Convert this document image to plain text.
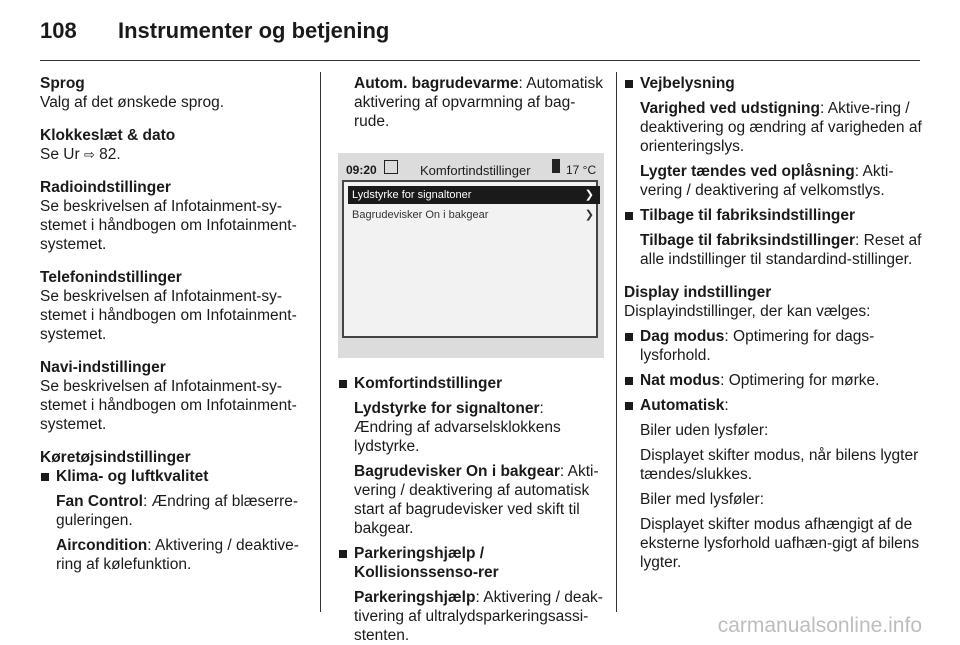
108 Instrumenter og betjening
Sprog
Valg af det ønskede sprog.
Klokkeslæt & dato
Se Ur ⇨ 82.
Radioindstillinger
Se beskrivelsen af Infotainment-sy-stemet i håndbogen om Infotainment-systemet.
Telefonindstillinger
Se beskrivelsen af Infotainment-sy-stemet i håndbogen om Infotainment-systemet.
Navi-indstillinger
Se beskrivelsen af Infotainment-sy-stemet i håndbogen om Infotainment-systemet.
Køretøjsindstillinger
Klima- og luftkvalitet
Fan Control: Ændring af blæserre-guleringen.
Aircondition: Aktivering / deaktive-ring af kølefunktion.
Autom. bagrudevarme: Automatisk aktivering af opvarmning af bag-rude.
09:20	Komfortindstillinger	17 °C
Lydstyrke for signaltoner	❯
Bagrudevisker On i bakgear	❯
Komfortindstillinger
Lydstyrke for signaltoner: Ændring af advarselsklokkens lydstyrke.
Bagrudevisker On i bakgear: Akti-vering / deaktivering af automatisk start af bagrudevisker ved skift til bakgear.
Parkeringshjælp / Kollisionssenso-rer
Parkeringshjælp: Aktivering / deak-tivering af ultralydsparkeringsassi-stenten.
Vejbelysning
Varighed ved udstigning: Aktive-ring / deaktivering og ændring af varigheden af orienteringslys.
Lygter tændes ved oplåsning: Akti-vering / deaktivering af velkomstlys.
Tilbage til fabriksindstillinger
Tilbage til fabriksindstillinger: Reset af alle indstillinger til standardind-stillinger.
Display indstillinger
Displayindstillinger, der kan vælges:
Dag modus: Optimering for dags-lysforhold.
Nat modus: Optimering for mørke.
Automatisk:
Biler uden lysføler:
Displayet skifter modus, når bilens lygter tændes/slukkes.
Biler med lysføler:
Displayet skifter modus afhængigt af de eksterne lysforhold uafhæn-gigt af bilens lygter.
carmanualsonline.info
